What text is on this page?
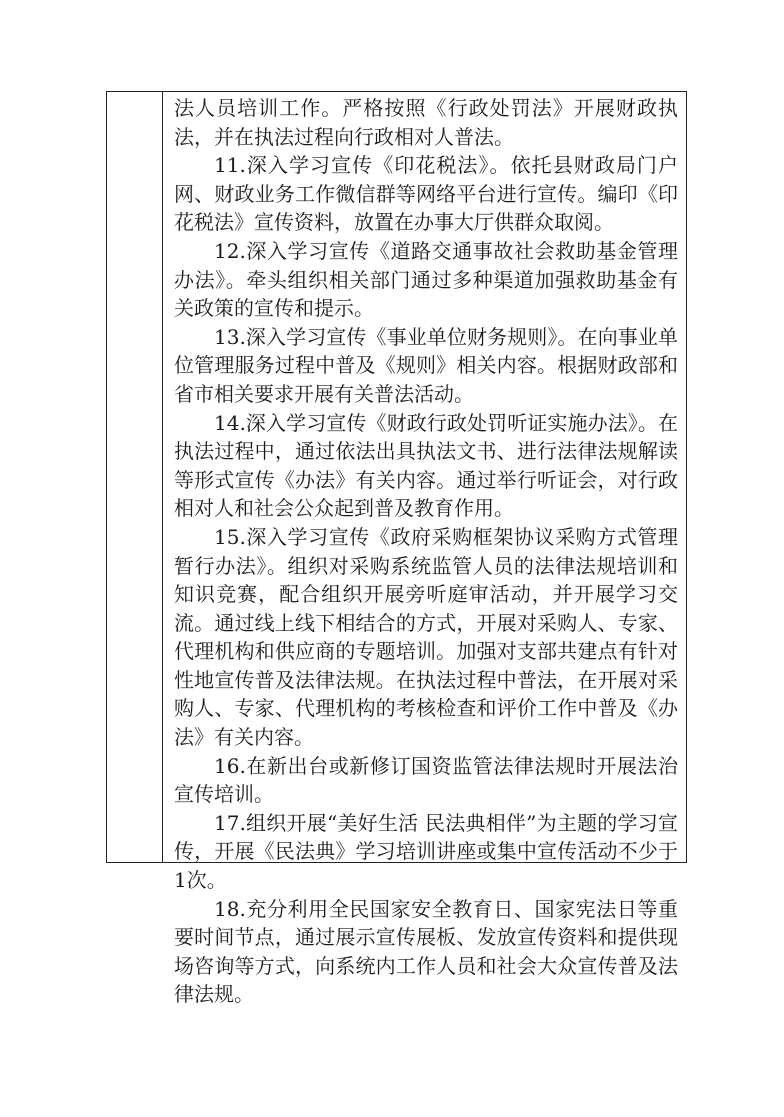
法人员培训工作。严格按照《行政处罚法》开展财政执法，并在执法过程向行政相对人普法。

11.深入学习宣传《印花税法》。依托县财政局门户网、财政业务工作微信群等网络平台进行宣传。编印《印花税法》宣传资料，放置在办事大厅供群众取阅。

12.深入学习宣传《道路交通事故社会救助基金管理办法》。牵头组织相关部门通过多种渠道加强救助基金有关政策的宣传和提示。

13.深入学习宣传《事业单位财务规则》。在向事业单位管理服务过程中普及《规则》相关内容。根据财政部和省市相关要求开展有关普法活动。

14.深入学习宣传《财政行政处罚听证实施办法》。在执法过程中，通过依法出具执法文书、进行法律法规解读等形式宣传《办法》有关内容。通过举行听证会，对行政相对人和社会公众起到普及教育作用。

15.深入学习宣传《政府采购框架协议采购方式管理暂行办法》。组织对采购系统监管人员的法律法规培训和知识竞赛，配合组织开展旁听庭审活动，并开展学习交流。通过线上线下相结合的方式，开展对采购人、专家、代理机构和供应商的专题培训。加强对支部共建点有针对性地宣传普及法律法规。在执法过程中普法，在开展对采购人、专家、代理机构的考核检查和评价工作中普及《办法》有关内容。

16.在新出台或新修订国资监管法律法规时开展法治宣传培训。

17.组织开展“美好生活 民法典相伴”为主题的学习宣传，开展《民法典》学习培训讲座或集中宣传活动不少于1次。

18.充分利用全民国家安全教育日、国家宪法日等重要时间节点，通过展示宣传展板、发放宣传资料和提供现场咨询等方式，向系统内工作人员和社会大众宣传普及法律法规。
